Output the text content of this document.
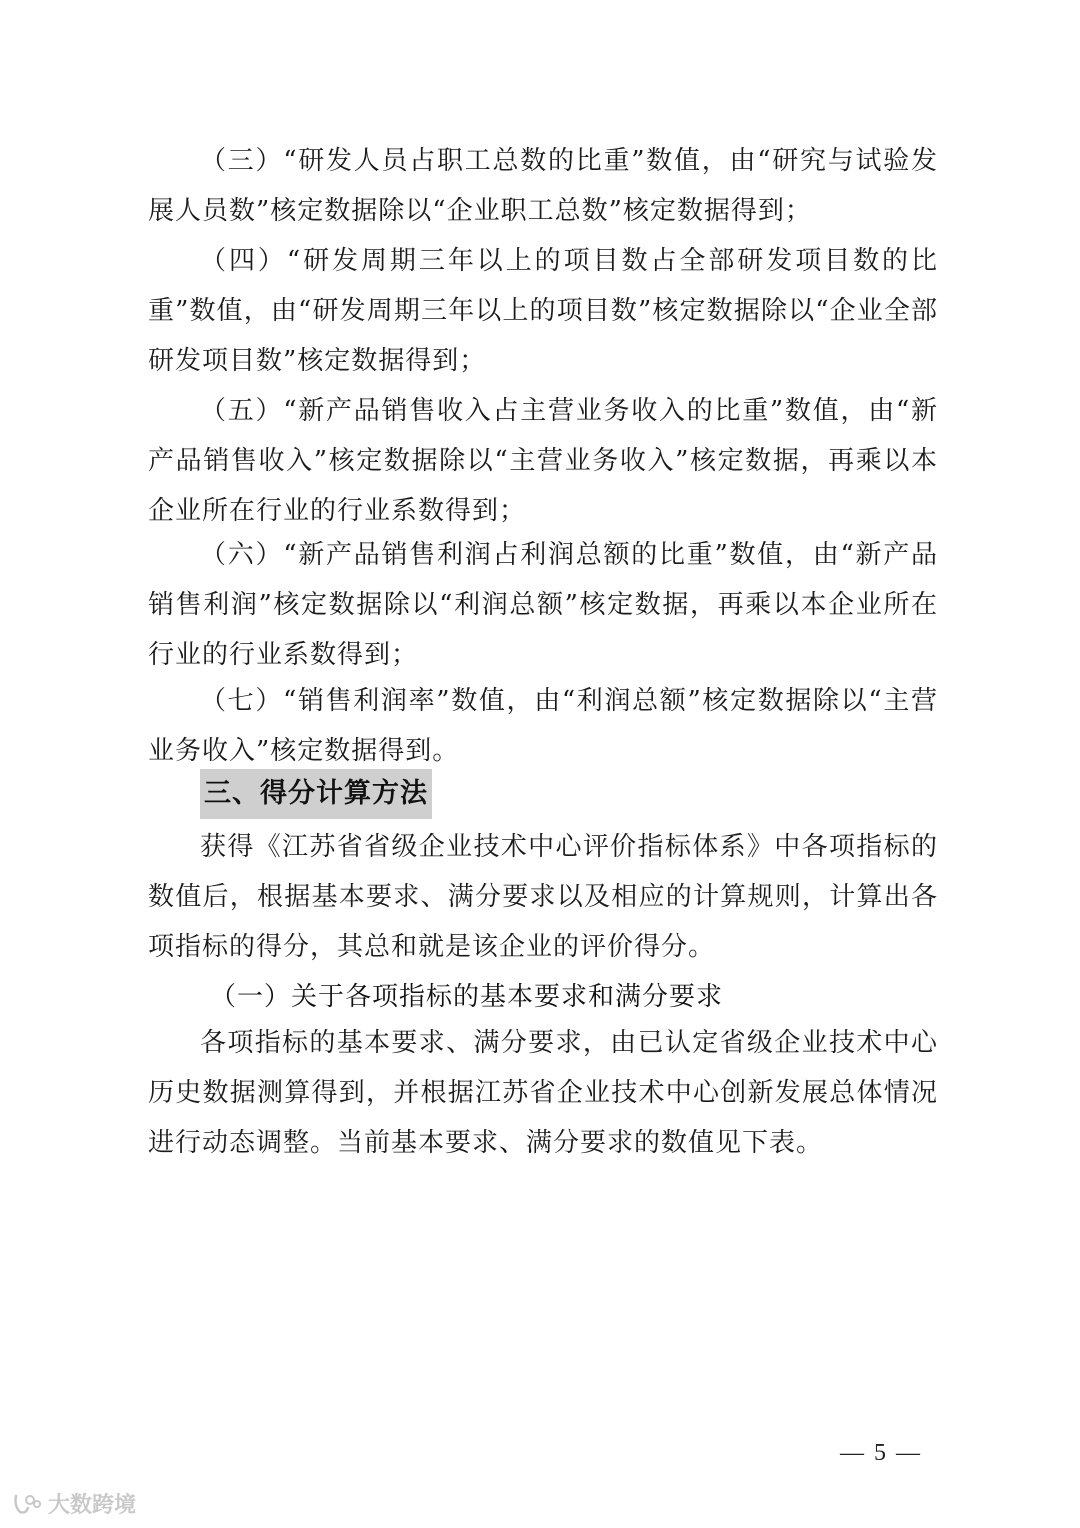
（三）“研发人员占职工总数的比重”数值，由“研究与试验发展人员数”核定数据除以“企业职工总数”核定数据得到；

（四）“研发周期三年以上的项目数占全部研发项目数的比重”数值，由“研发周期三年以上的项目数”核定数据除以“企业全部研发项目数”核定数据得到；

（五）“新产品销售收入占主营业务收入的比重”数值，由“新产品销售收入”核定数据除以“主营业务收入”核定数据，再乘以本企业所在行业的行业系数得到；

（六）“新产品销售利润占利润总额的比重”数值，由“新产品销售利润”核定数据除以“利润总额”核定数据，再乘以本企业所在行业的行业系数得到；

（七）“销售利润率”数值，由“利润总额”核定数据除以“主营业务收入”核定数据得到。

三、得分计算方法

获得《江苏省省级企业技术中心评价指标体系》中各项指标的数值后，根据基本要求、满分要求以及相应的计算规则，计算出各项指标的得分，其总和就是该企业的评价得分。

（一）关于各项指标的基本要求和满分要求

各项指标的基本要求、满分要求，由已认定省级企业技术中心历史数据测算得到，并根据江苏省企业技术中心创新发展总体情况进行动态调整。当前基本要求、满分要求的数值见下表。

— 5 —
大数跨境
